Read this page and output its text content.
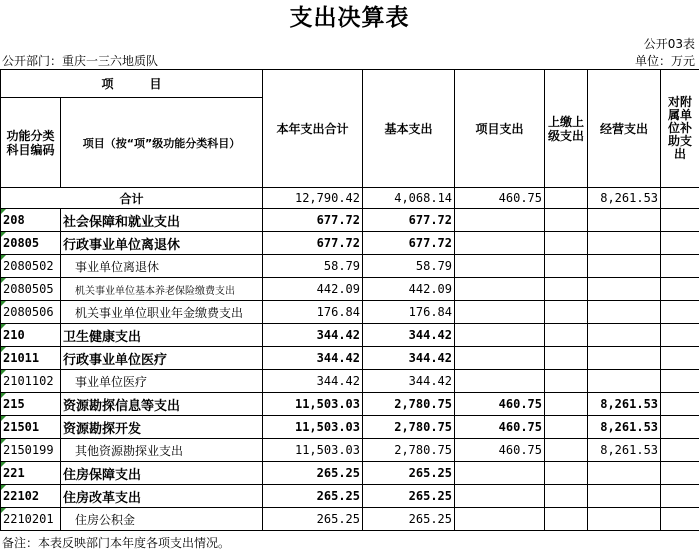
支出决算表
公开03表
公开部门：重庆一三六地质队	单位：万元
项　　　目		本年支出合计	基本支出	项目支出	上缴上级支出	经营支出	对附属单位补助支出
功能分类科目编码	项目（按“项”级功能分类科目）						
合计		12,790.42	4,068.14	460.75		8,261.53	

208	社会保障和就业支出	677.72	677.72				

20805	行政事业单位离退休	677.72	677.72				

2080502	事业单位离退休	58.79	58.79				

2080505	机关事业单位基本养老保险缴费支出	442.09	442.09				

2080506	机关事业单位职业年金缴费支出	176.84	176.84				

210	卫生健康支出	344.42	344.42				

21011	行政事业单位医疗	344.42	344.42				

2101102	事业单位医疗	344.42	344.42				

215	资源勘探信息等支出	11,503.03	2,780.75	460.75		8,261.53	

21501	资源勘探开发	11,503.03	2,780.75	460.75		8,261.53	

2150199	其他资源勘探业支出	11,503.03	2,780.75	460.75		8,261.53	

221	住房保障支出	265.25	265.25				

22102	住房改革支出	265.25	265.25				

2210201	住房公积金	265.25	265.25				
备注：本表反映部门本年度各项支出情况。
